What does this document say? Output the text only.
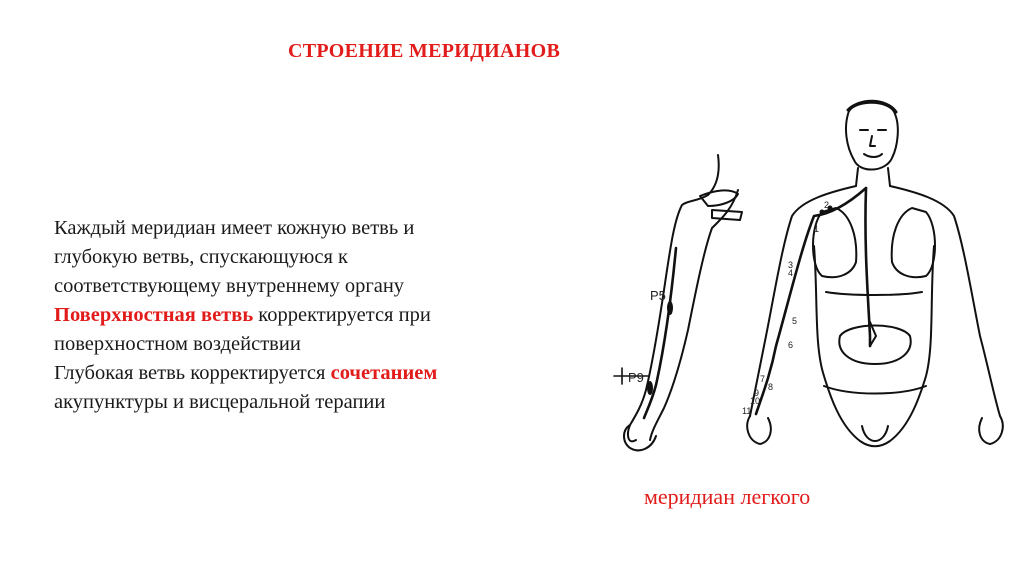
СТРОЕНИЕ МЕРИДИАНОВ
Каждый меридиан имеет кожную ветвь и
глубокую ветвь, спускающуюся к
соответствующему внутреннему органу
Поверхностная ветвь корректируется при
поверхностном воздействии
Глубокая ветвь корректируется сочетанием
акупунктуры и висцеральной терапии
P5
P9
1
2
3
4
5
6
7
8
9
10
11
меридиан легкого
